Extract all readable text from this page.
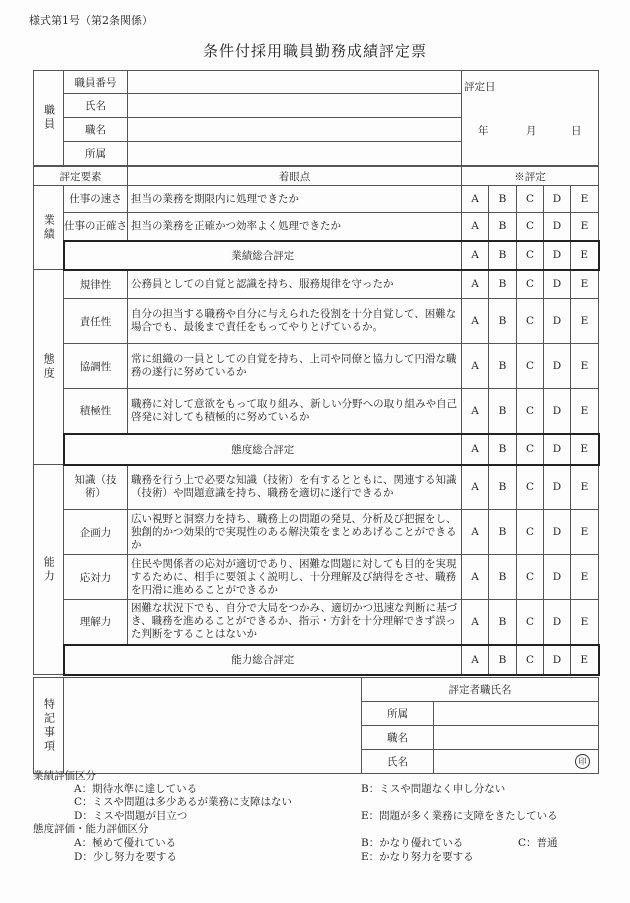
様式第1号（第2条関係）
条件付採用職員勤務成績評定票
職員	職員番号		評定日
年 月 日

	氏名		
	職名		
	所属		
評定要素		着眼点	※評定				
業績	仕事の速さ	担当の業務を期限内に処理できたか	A	B	C	D	E
	仕事の正確さ	担当の業務を正確かつ効率よく処理できたか	A	B	C	D	E
	業績総合評定		A	B	C	D	E
態度	規律性	公務員としての自覚と認識を持ち、服務規律を守ったか	A	B	C	D	E
	責任性	自分の担当する職務や自分に与えられた役割を十分自覚して、困難な場合でも、最後まで責任をもってやりとげているか。	A	B	C	D	E
	協調性	常に組織の一員としての自覚を持ち、上司や同僚と協力して円滑な職務の遂行に努めているか	A	B	C	D	E
	積極性	職務に対して意欲をもって取り組み、新しい分野への取り組みや自己啓発に対しても積極的に努めているか	A	B	C	D	E
	態度総合評定		A	B	C	D	E
能力	知識（技術）	職務を行う上で必要な知識（技術）を有するとともに、関連する知識（技術）や問題意識を持ち、職務を適切に遂行できるか	A	B	C	D	E
	企画力	広い視野と洞察力を持ち、職務上の問題の発見、分析及び把握をし、独創的かつ効果的で実現性のある解決策をまとめあげることができるか	A	B	C	D	E
	応対力	住民や関係者の応対が適切であり、困難な問題に対しても目的を実現するために、相手に要領よく説明し、十分理解及び納得をさせ、職務を円滑に進めることができるか	A	B	C	D	E
	理解力	困難な状況下でも、自分で大局をつかみ、適切かつ迅速な判断に基づき、職務を進めることができるか、指示・方針を十分理解できず誤った判断をすることはないか	A	B	C	D	E
	能力総合評定		A	B	C	D	E
特記事項		評定者職氏名	
		所属	
		職名	
		氏名	印
業績評価区分
A：期待水準に達している	B：ミスや問題なく申し分ない
C：ミスや問題は多少あるが業務に支障はない
D：ミスや問題が目立つ	E：問題が多く業務に支障をきたしている
態度評価・能力評価区分
A：極めて優れている	B：かなり優れている	C：普通
D：少し努力を要する	E：かなり努力を要する
